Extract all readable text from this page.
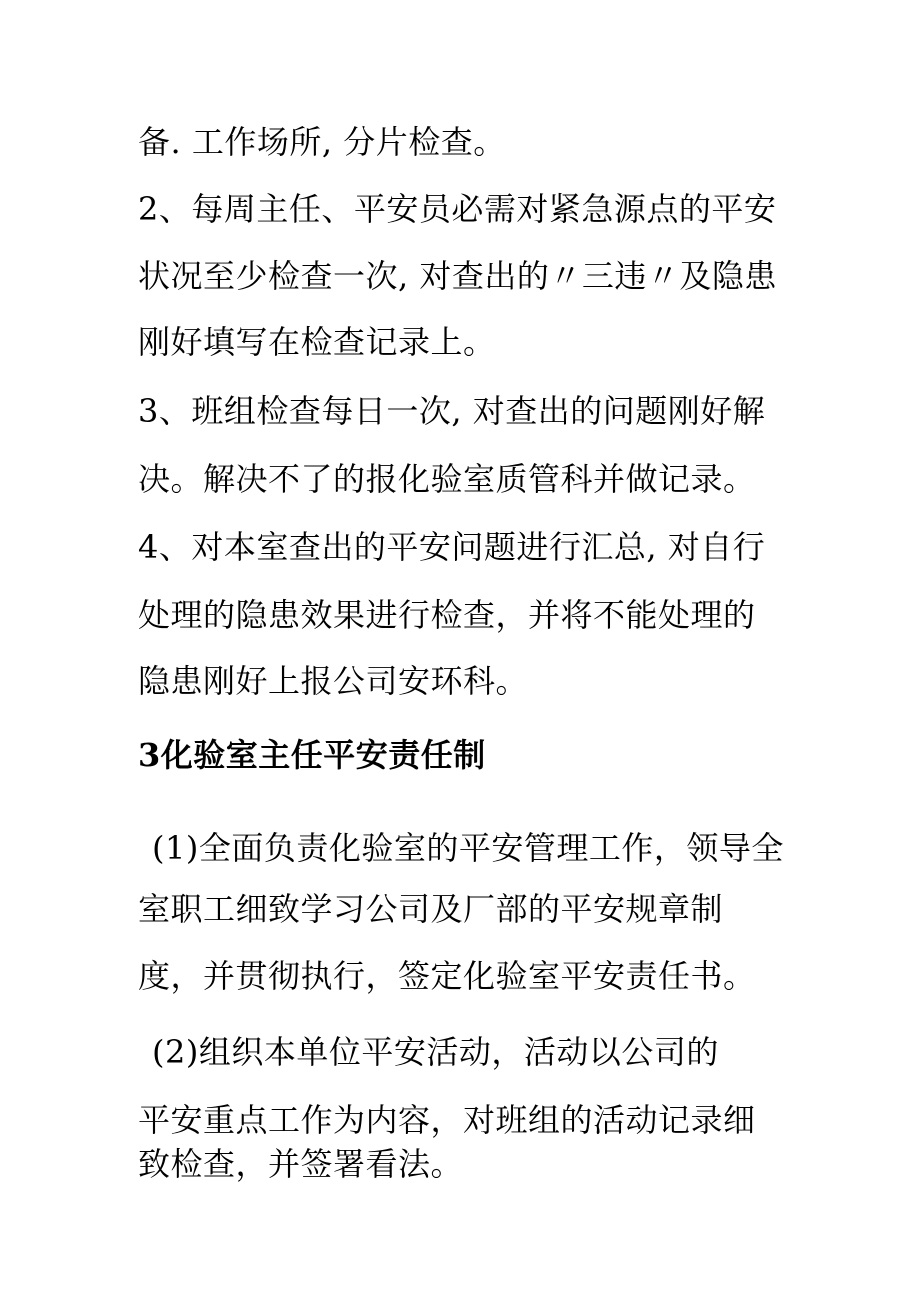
备. 工作场所, 分片检查。

2、每周主任、平安员必需对紧急源点的平安

状况至少检查一次, 对查出的〃三违〃及隐患

刚好填写在检查记录上。

3、班组检查每日一次, 对查出的问题刚好解

决。解决不了的报化验室质管科并做记录。

4、对本室查出的平安问题进行汇总, 对自行

处理的隐患效果进行检查，并将不能处理的

隐患刚好上报公司安环科。

3化验室主任平安责任制

(1)全面负责化验室的平安管理工作，领导全

室职工细致学习公司及厂部的平安规章制

度，并贯彻执行，签定化验室平安责任书。

(2)组织本单位平安活动，活动以公司的

平安重点工作为内容，对班组的活动记录细

致检查，并签署看法。
